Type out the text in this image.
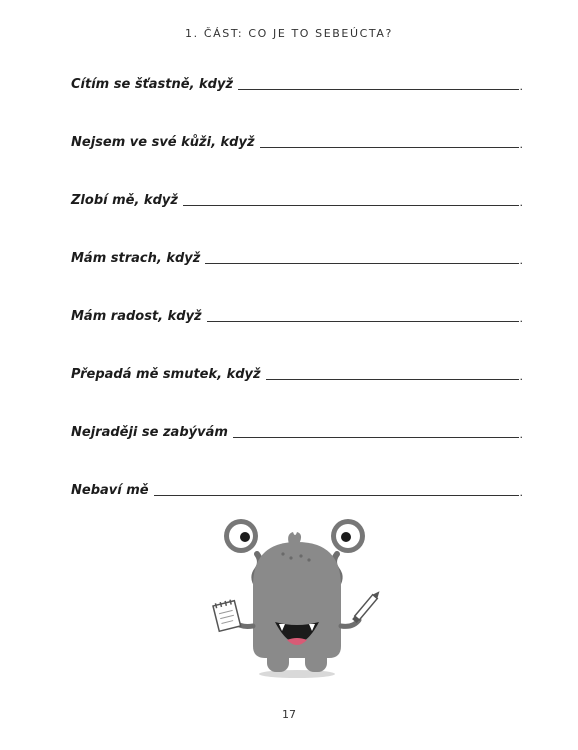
1. ČÁST: CO JE TO SEBEÚCTA?
Cítím se šťastně, když	.
Nejsem ve své kůži, když	.
Zlobí mě, když	.
Mám strach, když	.
Mám radost, když	.
Přepadá mě smutek, když	.
Nejraději se zabývám	.
Nebaví mě	.
17
